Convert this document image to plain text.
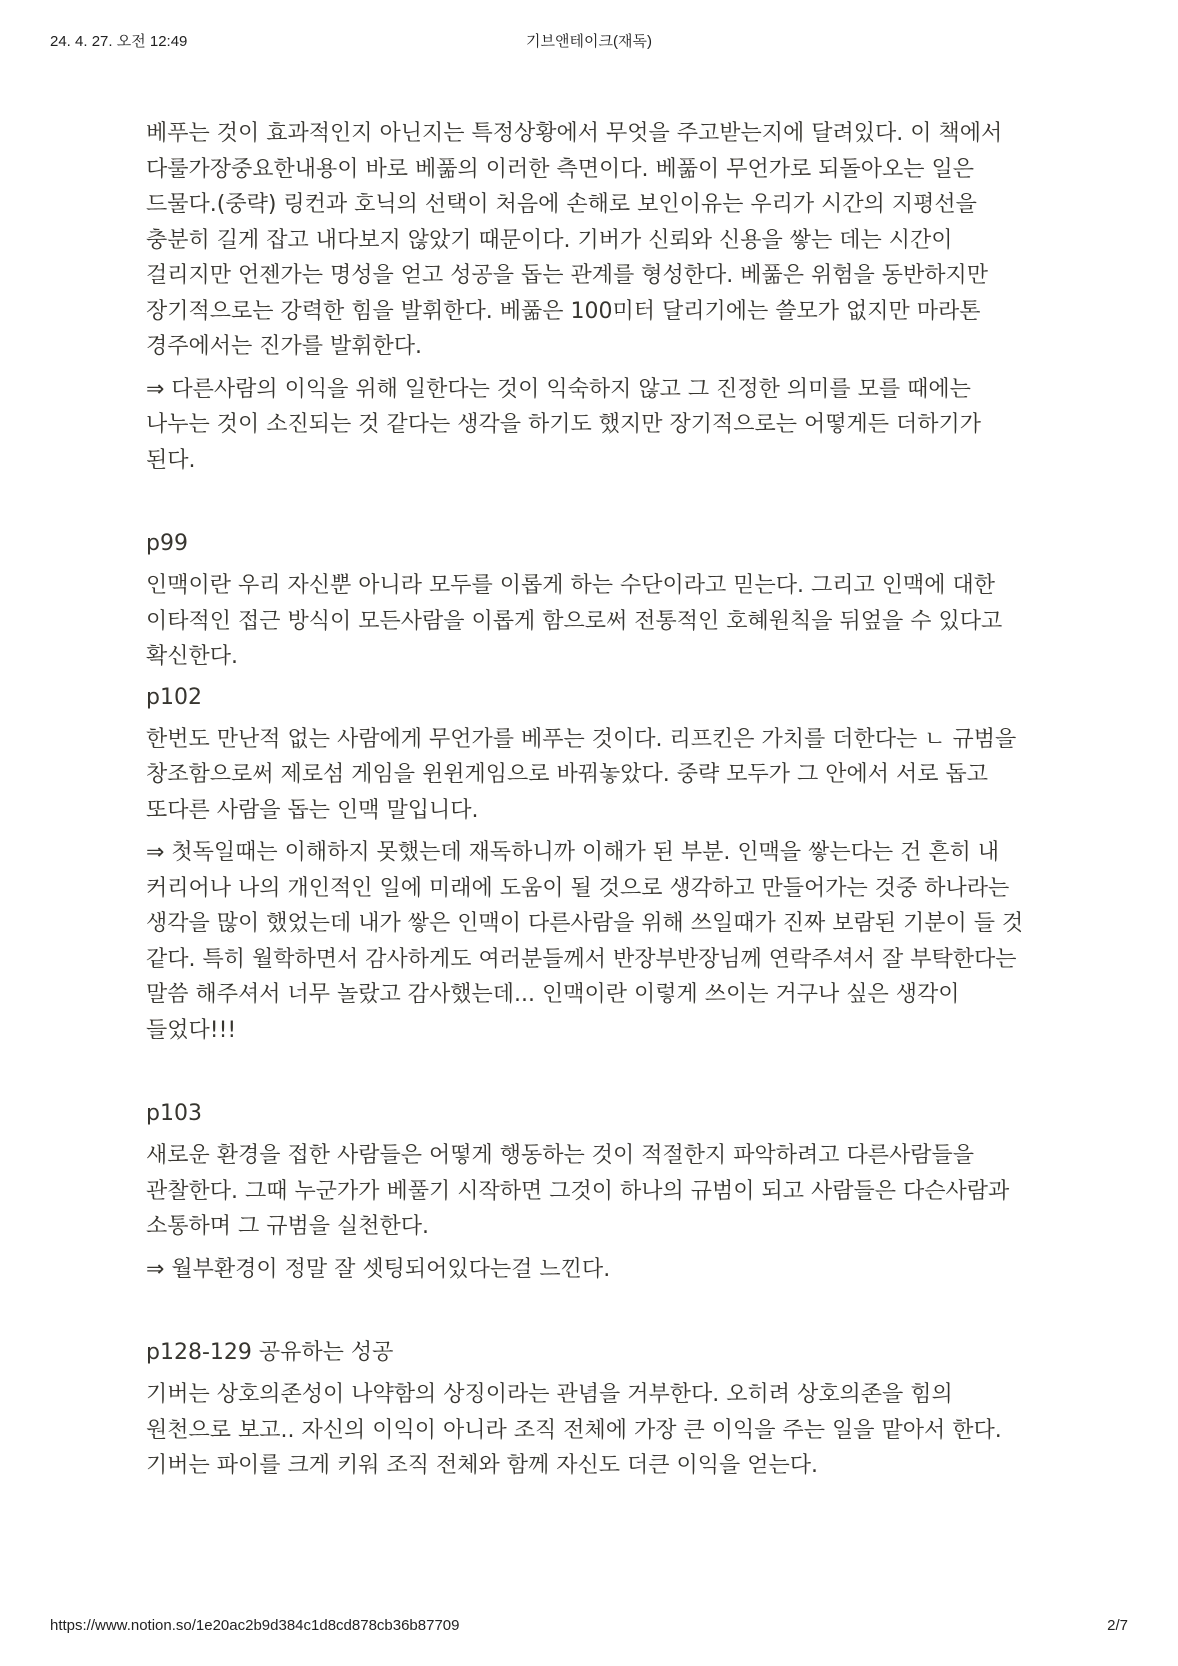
24. 4. 27. 오전 12:49	기브앤테이크(재독)

베푸는 것이 효과적인지 아닌지는 특정상황에서 무엇을 주고받는지에 달려있다. 이 책에서 다룰가장중요한내용이 바로 베풂의 이러한 측면이다. 베풂이 무언가로 되돌아오는 일은 드물다.(중략) 링컨과 호닉의 선택이 처음에 손해로 보인이유는 우리가 시간의 지평선을 충분히 길게 잡고 내다보지 않았기 때문이다. 기버가 신뢰와 신용을 쌓는 데는 시간이 걸리지만 언젠가는 명성을 얻고 성공을 돕는 관계를 형성한다. 베풂은 위험을 동반하지만 장기적으로는 강력한 힘을 발휘한다. 베풂은 100미터 달리기에는 쓸모가 없지만 마라톤 경주에서는 진가를 발휘한다.

⇒ 다른사람의 이익을 위해 일한다는 것이 익숙하지 않고 그 진정한 의미를 모를 때에는 나누는 것이 소진되는 것 같다는 생각을 하기도 했지만 장기적으로는 어떻게든 더하기가 된다.

p99

인맥이란 우리 자신뿐 아니라 모두를 이롭게 하는 수단이라고 믿는다. 그리고 인맥에 대한 이타적인 접근 방식이 모든사람을 이롭게 함으로써 전통적인 호혜원칙을 뒤엎을 수 있다고 확신한다.

p102

한번도 만난적 없는 사람에게 무언가를 베푸는 것이다. 리프킨은 가치를 더한다는 ㄴ 규범을 창조함으로써 제로섬 게임을 윈윈게임으로 바꿔놓았다. 중략 모두가 그 안에서 서로 돕고 또다른 사람을 돕는 인맥 말입니다.

⇒ 첫독일때는 이해하지 못했는데 재독하니까 이해가 된 부분. 인맥을 쌓는다는 건 흔히 내 커리어나 나의 개인적인 일에 미래에 도움이 될 것으로 생각하고 만들어가는 것중 하나라는 생각을 많이 했었는데 내가 쌓은 인맥이 다른사람을 위해 쓰일때가 진짜 보람된 기분이 들 것 같다. 특히 월학하면서 감사하게도 여러분들께서 반장부반장님께 연락주셔서 잘 부탁한다는 말씀 해주셔서 너무 놀랐고 감사했는데... 인맥이란 이렇게 쓰이는 거구나 싶은 생각이 들었다!!!

p103

새로운 환경을 접한 사람들은 어떻게 행동하는 것이 적절한지 파악하려고 다른사람들을 관찰한다. 그때 누군가가 베풀기 시작하면 그것이 하나의 규범이 되고 사람들은 다슨사람과 소통하며 그 규범을 실천한다.

⇒ 월부환경이 정말 잘 셋팅되어있다는걸 느낀다.

p128-129 공유하는 성공

기버는 상호의존성이 나약함의 상징이라는 관념을 거부한다. 오히려 상호의존을 힘의 원천으로 보고.. 자신의 이익이 아니라 조직 전체에 가장 큰 이익을 주는 일을 맡아서 한다. 기버는 파이를 크게 키워 조직 전체와 함께 자신도 더큰 이익을 얻는다.

https://www.notion.so/1e20ac2b9d384c1d8cd878cb36b87709	2/7
